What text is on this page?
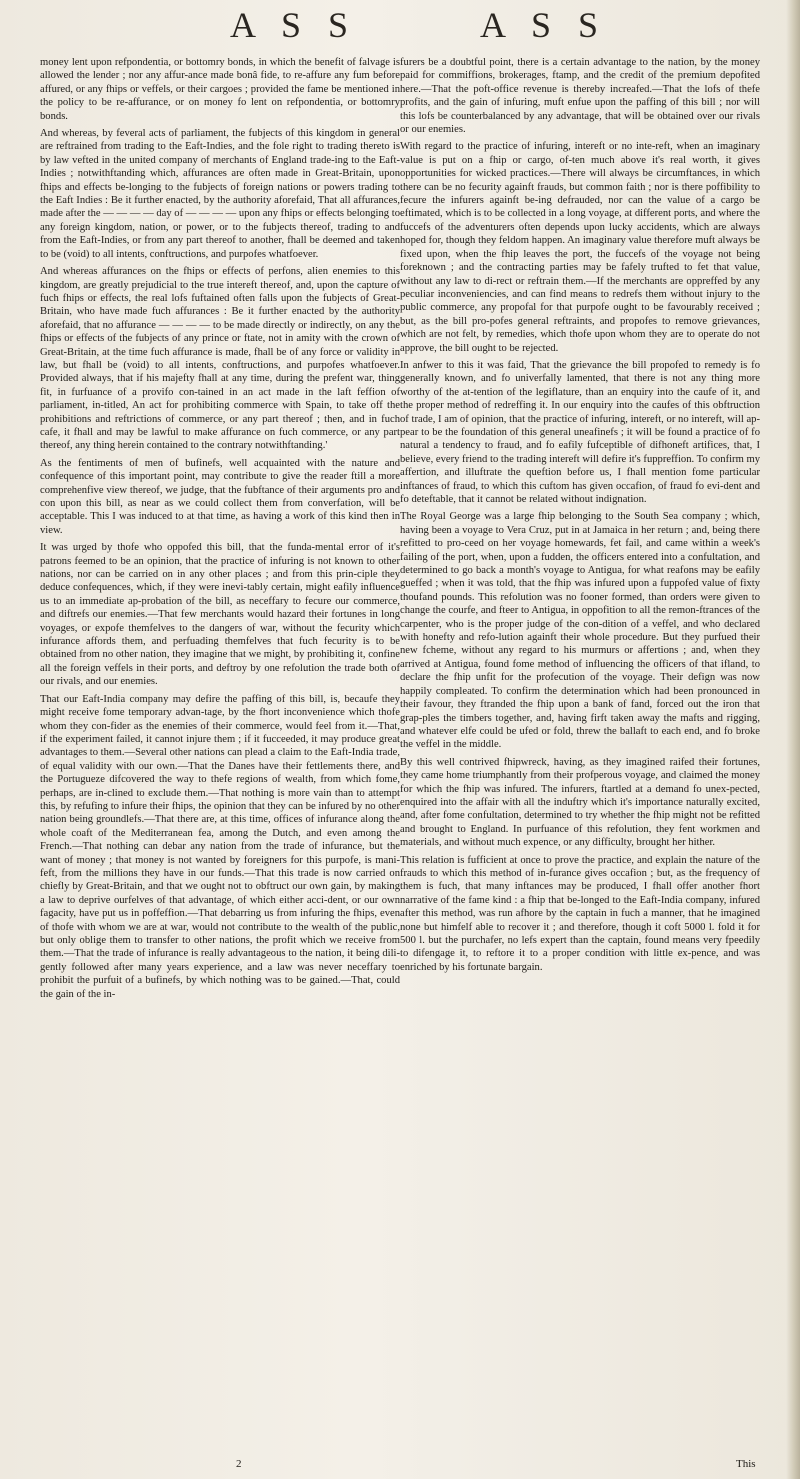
A S S	A S S

money lent upon refpondentia, or bottomry bonds, in which the benefit of falvage is allowed the lender ; nor any affur-ance made bonâ fide, to re-affure any fum before affured, or any fhips or veffels, or their cargoes ; provided the fame be mentioned in the policy to be re-affurance, or on money fo lent on refpondentia, or bottomry bonds.

And whereas, by feveral acts of parliament, the fubjects of this kingdom in general are reftrained from trading to the Eaft-Indies, and the fole right to trading thereto is by law vefted in the united company of merchants of England trade-ing to the Eaft-Indies ; notwithftanding which, affurances are often made in Great-Britain, upon fhips and effects be-longing to the fubjects of foreign nations or powers trading to the Eaft Indies : Be it further enacted, by the authority aforefaid, That all affurances, made after the — — — — day of — — — — upon any fhips or effects belonging to any foreign kingdom, nation, or power, or to the fubjects thereof, trading to and from the Eaft-Indies, or from any part thereof to another, fhall be deemed and taken to be (void) to all intents, conftructions, and purpofes whatfoever.

And whereas affurances on the fhips or effects of perfons, alien enemies to this kingdom, are greatly prejudicial to the true intereft thereof, and, upon the capture of fuch fhips or effects, the real lofs fuftained often falls upon the fubjects of Great-Britain, who have made fuch affurances : Be it further enacted by the authority aforefaid, that no affurance — — — — to be made directly or indirectly, on any the fhips or effects of the fubjects of any prince or ftate, not in amity with the crown of Great-Britain, at the time fuch affurance is made, fhall be of any force or validity in law, but fhall be (void) to all intents, conftructions, and purpofes whatfoever. Provided always, that if his majefty fhall at any time, during the prefent war, thing fit, in furfuance of a provifo con-tained in an act made in the laft feffion of parliament, in-titled, An act for prohibiting commerce with Spain, to take off the prohibitions and reftrictions of commerce, or any part thereof ; then, and in fuch cafe, it fhall and may be lawful to make affurance on fuch commerce, or any part thereof, any thing herein contained to the contrary notwithftanding.'

As the fentiments of men of bufinefs, well acquainted with the nature and confequence of this important point, may contribute to give the reader ftill a more comprehenfive view thereof, we judge, that the fubftance of their arguments pro and con upon this bill, as near as we could collect them from converfation, will be acceptable. This I was induced to at that time, as having a work of this kind then in view.

It was urged by thofe who oppofed this bill, that the funda-mental error of it's patrons feemed to be an opinion, that the practice of infuring is not known to other nations, nor can be carried on in any other places ; and from this prin-ciple they deduce confequences, which, if they were inevi-tably certain, might eafily influence us to an immediate ap-probation of the bill, as neceffary to fecure our commerce, and diftrefs our enemies.—That few merchants would hazard their fortunes in long voyages, or expofe themfelves to the dangers of war, without the fecurity which infurance affords them, and perfuading themfelves that fuch fecurity is to be obtained from no other nation, they imagine that we might, by prohibiting it, confine all the foreign veffels in their ports, and deftroy by one refolution the trade both of our rivals, and our enemies.

That our Eaft-India company may defire the paffing of this bill, is, becaufe they might receive fome temporary advan-tage, by the fhort inconvenience which thofe whom they con-fider as the enemies of their commerce, would feel from it.—That, if the experiment failed, it cannot injure them ; if it fucceeded, it may produce great advantages to them.—Several other nations can plead a claim to the Eaft-India trade, of equal validity with our own.—That the Danes have their fettlements there, and the Portugueze difcovered the way to thefe regions of wealth, from which fome, perhaps, are in-clined to exclude them.—That nothing is more vain than to attempt this, by refufing to infure their fhips, the opinion that they can be infured by no other nation being groundlefs.—That there are, at this time, offices of infurance along the whole coaft of the Mediterranean fea, among the Dutch, and even among the French.—That nothing can debar any nation from the trade of infurance, but the want of money ; that money is not wanted by foreigners for this purpofe, is mani-feft, from the millions they have in our funds.—That this trade is now carried on chiefly by Great-Britain, and that we ought not to obftruct our own gain, by making a law to deprive ourfelves of that advantage, of which either acci-dent, or our own fagacity, have put us in poffeffion.—That debarring us from infuring the fhips, even of thofe with whom we are at war, would not contribute to the wealth of the public, but only oblige them to transfer to other nations, the profit which we receive from them.—That the trade of infurance is really advantageous to the nation, it being dili-gently followed after many years experience, and a law was never neceffary to prohibit the purfuit of a bufinefs, by which nothing was to be gained.—That, could the gain of the in-

furers be a doubtful point, there is a certain advantage to the nation, by the money paid for commiffions, brokerages, ftamp, and the credit of the premium depofited here.—That the poft-office revenue is thereby increafed.—That the lofs of thefe profits, and the gain of infuring, muft enfue upon the paffing of this bill ; nor will this lofs be counterbalanced by any advantage, that will be obtained over our rivals or our enemies.

With regard to the practice of infuring, intereft or no inte-reft, when an imaginary value is put on a fhip or cargo, of-ten much above it's real worth, it gives opportunities for wicked practices.—There will always be circumftances, in which there can be no fecurity againft frauds, but common faith ; nor is there poffibility to fecure the infurers againft be-ing defrauded, nor can the value of a cargo be eftimated, which is to be collected in a long voyage, at different ports, and where the fuccefs of the adventurers often depends upon lucky accidents, which are always hoped for, though they feldom happen. An imaginary value therefore muft always be fixed upon, when the fhip leaves the port, the fuccefs of the voyage not being foreknown ; and the contracting parties may be fafely trufted to fet that value, without any law to di-rect or reftrain them.—If the merchants are oppreffed by any peculiar inconveniencies, and can find means to redrefs them without injury to the public commerce, any propofal for that purpofe ought to be favourably received ; but, as the bill pro-pofes general reftraints, and propofes to remove grievances, which are not felt, by remedies, which thofe upon whom they are to operate do not approve, the bill ought to be rejected.

In anfwer to this it was faid, That the grievance the bill propofed to remedy is fo generally known, and fo univerfally lamented, that there is not any thing more worthy of the at-tention of the legiflature, than an enquiry into the caufe of it, and the proper method of redreffing it. In our enquiry into the caufes of this obftruction of trade, I am of opinion, that the practice of infuring, intereft, or no intereft, will ap-pear to be the foundation of this general uneafinefs ; it will be found a practice of fo natural a tendency to fraud, and fo eafily fufceptible of difhoneft artifices, that, I believe, every friend to the trading intereft will defire it's fuppreffion. To confirm my affertion, and illuftrate the queftion before us, I fhall mention fome particular inftances of fraud, to which this cuftom has given occafion, of fraud fo evi-dent and fo deteftable, that it cannot be related without indignation.

The Royal George was a large fhip belonging to the South Sea company ; which, having been a voyage to Vera Cruz, put in at Jamaica in her return ; and, being there refitted to pro-ceed on her voyage homewards, fet fail, and came within a week's failing of the port, when, upon a fudden, the officers entered into a confultation, and determined to go back a month's voyage to Antigua, for what reafons may be eafily gueffed ; when it was told, that the fhip was infured upon a fuppofed value of fixty thoufand pounds. This refolution was no fooner formed, than orders were given to change the courfe, and fteer to Antigua, in oppofition to all the remon-ftrances of the carpenter, who is the proper judge of the con-dition of a veffel, and who declared with honefty and refo-lution againft their whole procedure. But they purfued their new fcheme, without any regard to his murmurs or affertions ; and, when they arrived at Antigua, found fome method of influencing the officers of that ifland, to declare the fhip unfit for the profecution of the voyage. Their defign was now happily compleated. To confirm the determination which had been pronounced in their favour, they ftranded the fhip upon a bank of fand, forced out the iron that grap-ples the timbers together, and, having firft taken away the mafts and rigging, and whatever elfe could be ufed or fold, threw the ballaft to each end, and fo broke the veffel in the middle.

By this well contrived fhipwreck, having, as they imagined raifed their fortunes, they came home triumphantly from their profperous voyage, and claimed the money for which the fhip was infured. The infurers, ftartled at a demand fo unex-pected, enquired into the affair with all the induftry which it's importance naturally excited, and, after fome confultation, determined to try whether the fhip might not be refitted and brought to England. In purfuance of this refolution, they fent workmen and materials, and without much expence, or any difficulty, brought her hither.

This relation is fufficient at once to prove the practice, and explain the nature of the frauds to which this method of in-furance gives occafion ; but, as the frequency of them is fuch, that many inftances may be produced, I fhall offer another fhort narrative of the fame kind : a fhip that be-longed to the Eaft-India company, infured after this method, was run afhore by the captain in fuch a manner, that he imagined none but himfelf able to recover it ; and therefore, though it coft 5000 l. fold it for 500 l. but the purchafer, no lefs expert than the captain, found means very fpeedily to difengage it, to reftore it to a proper condition with little ex-pence, and was enriched by his fortunate bargain.

2	This
